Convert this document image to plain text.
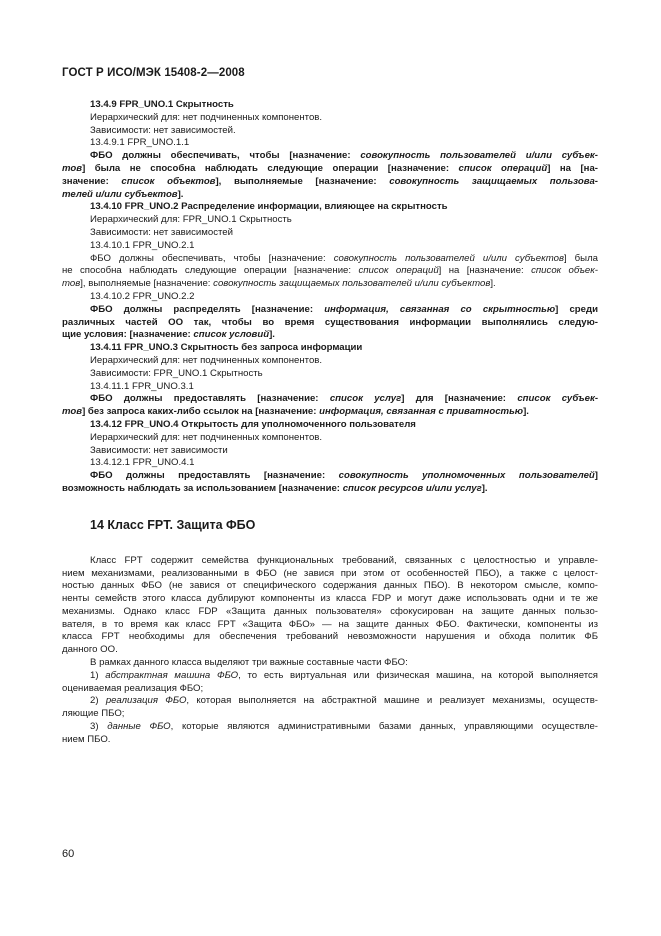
ГОСТ Р ИСО/МЭК 15408-2—2008
13.4.9 FPR_UNO.1 Скрытность
Иерархический для: нет подчиненных компонентов.
Зависимости: нет зависимостей.
13.4.9.1 FPR_UNO.1.1
ФБО должны обеспечивать, чтобы [назначение: совокупность пользователей и/или субъек-
тов] была не способна наблюдать следующие операции [назначение: список операций] на [на-
значение: список объектов], выполняемые [назначение: совокупность защищаемых пользова-
телей и/или субъектов].
13.4.10 FPR_UNO.2 Распределение информации, влияющее на скрытность
Иерархический для: FPR_UNO.1 Скрытность
Зависимости: нет зависимостей
13.4.10.1 FPR_UNO.2.1
ФБО должны обеспечивать, чтобы [назначение: совокупность пользователей и/или субъектов] была
не способна наблюдать следующие операции [назначение: список операций] на [назначение: список объек-
тов], выполняемые [назначение: совокупность защищаемых пользователей и/или субъектов].
13.4.10.2 FPR_UNO.2.2
ФБО должны распределять [назначение: информация, связанная со скрытностью] среди
различных частей ОО так, чтобы во время существования информации выполнялись следую-
щие условия: [назначение: список условий].
13.4.11 FPR_UNO.3 Скрытность без запроса информации
Иерархический для: нет подчиненных компонентов.
Зависимости: FPR_UNO.1 Скрытность
13.4.11.1 FPR_UNO.3.1
ФБО должны предоставлять [назначение: список услуг] для [назначение: список субъек-
тов] без запроса каких-либо ссылок на [назначение: информация, связанная с приватностью].
13.4.12 FPR_UNO.4 Открытость для уполномоченного пользователя
Иерархический для: нет подчиненных компонентов.
Зависимости: нет зависимости
13.4.12.1 FPR_UNO.4.1
ФБО должны предоставлять [назначение: совокупность уполномоченных пользователей]
возможность наблюдать за использованием [назначение: список ресурсов и/или услуг].
14 Класс FPT. Защита ФБО
Класс FPT содержит семейства функциональных требований, связанных с целостностью и управле-
нием механизмами, реализованными в ФБО (не завися при этом от особенностей ПБО), а также с целост-
ностью данных ФБО (не завися от специфического содержания данных ПБО). В некотором смысле, компо-
ненты семейств этого класса дублируют компоненты из класса FDP и могут даже использовать одни и те же
механизмы. Однако класс FDP «Защита данных пользователя» сфокусирован на защите данных пользо-
вателя, в то время как класс FPT «Защита ФБО» — на защите данных ФБО. Фактически, компоненты из
класса FPT необходимы для обеспечения требований невозможности нарушения и обхода политик ФБ
данного ОО.
В рамках данного класса выделяют три важные составные части ФБО:
1) абстрактная машина ФБО, то есть виртуальная или физическая машина, на которой выполняется
оцениваемая реализация ФБО;
2) реализация ФБО, которая выполняется на абстрактной машине и реализует механизмы, осуществ-
ляющие ПБО;
3) данные ФБО, которые являются административными базами данных, управляющими осуществле-
нием ПБО.
60
